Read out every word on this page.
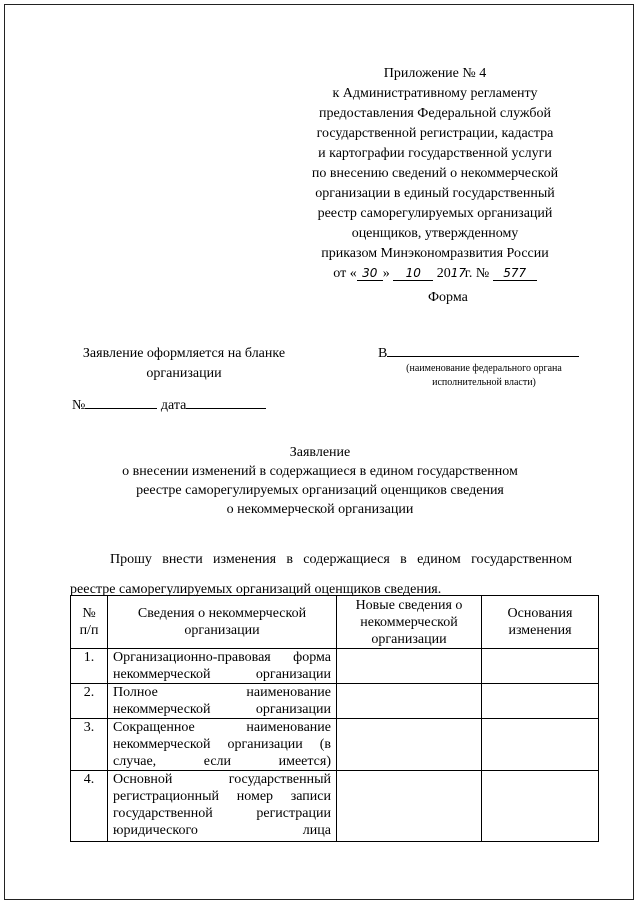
Приложение № 4
к Административному регламенту
предоставления Федеральной службой
государственной регистрации, кадастра
и картографии государственной услуги
по внесению сведений о некоммерческой
организации в единый государственный
реестр саморегулируемых организаций
оценщиков, утвержденному
приказом Минэкономразвития России
от « 30 » 10 2017г. № 577
Форма
Заявление оформляется на бланке
организации
№	дата
В
(наименование федерального органа
исполнительной власти)
Заявление
о внесении изменений в содержащиеся в едином государственном
реестре саморегулируемых организаций оценщиков сведения
о некоммерческой организации
Прошу внести изменения в содержащиеся в едином государственном реестре саморегулируемых организаций оценщиков сведения.
№ п/п	Сведения о некоммерческой организации	Новые сведения о некоммерческой организации	Основания изменения
1.	Организационно-правовая форма некоммерческой организации		
2.	Полное наименование некоммерческой организации		
3.	Сокращенное наименование некоммерческой организации (в случае, если имеется)		
4.	Основной государственный регистрационный номер записи государственной регистрации юридического лица		
